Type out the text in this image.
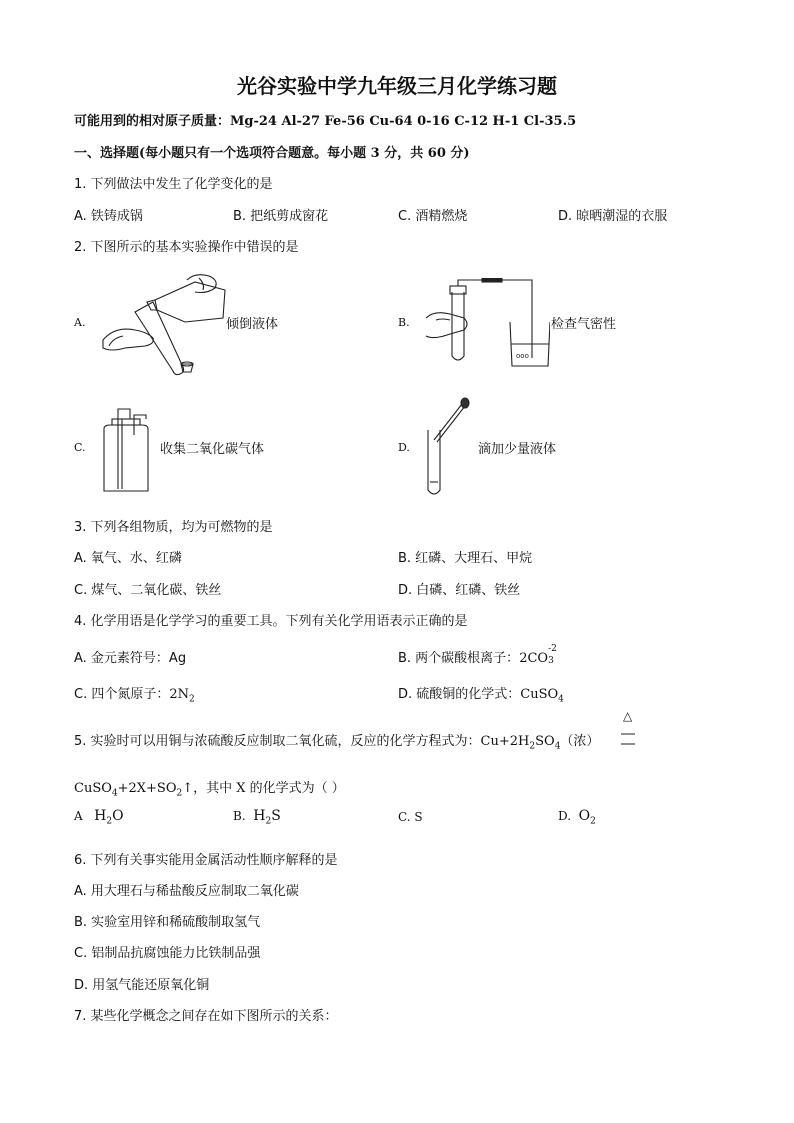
光谷实验中学九年级三月化学练习题
可能用到的相对原子质量：Mg-24 Al-27 Fe-56 Cu-64 0-16 C-12 H-1 Cl-35.5
一、选择题(每小题只有一个选项符合题意。每小题 3 分，共 60 分)
1. 下列做法中发生了化学变化的是
A. 铁铸成锅	B. 把纸剪成窗花	C. 酒精燃烧	D. 晾晒潮湿的衣服
2. 下图所示的基本实验操作中错误的是
A.	倾倒液体	B.
ooo
检查气密性
C.	收集二氧化碳气体	D.	滴加少量液体
3. 下列各组物质，均为可燃物的是
A. 氧气、水、红磷	B. 红磷、大理石、甲烷
C. 煤气、二氧化碳、铁丝	D. 白磷、红磷、铁丝
4. 化学用语是化学学习的重要工具。下列有关化学用语表示正确的是
A. 金元素符号：Ag	B. 两个碳酸根离子：2CO
-2
3
C. 四个氮原子：$2N_2$	D. 硫酸铜的化学式：CuSO$_4$
5. 实验时可以用铜与浓硫酸反应制取二氧化硫，反应的化学方程式为：$Cu+2H_2SO_4$（浓）
△
$CuSO_4+2X+SO_2↑$，其中 X 的化学式为（ ）
A $H_2O$	B. $H_2S$	C. S	D. $O_2$
6. 下列有关事实能用金属活动性顺序解释的是
A. 用大理石与稀盐酸反应制取二氧化碳
B. 实验室用锌和稀硫酸制取氢气
C. 铝制品抗腐蚀能力比铁制品强
D. 用氢气能还原氧化铜
7. 某些化学概念之间存在如下图所示的关系：
